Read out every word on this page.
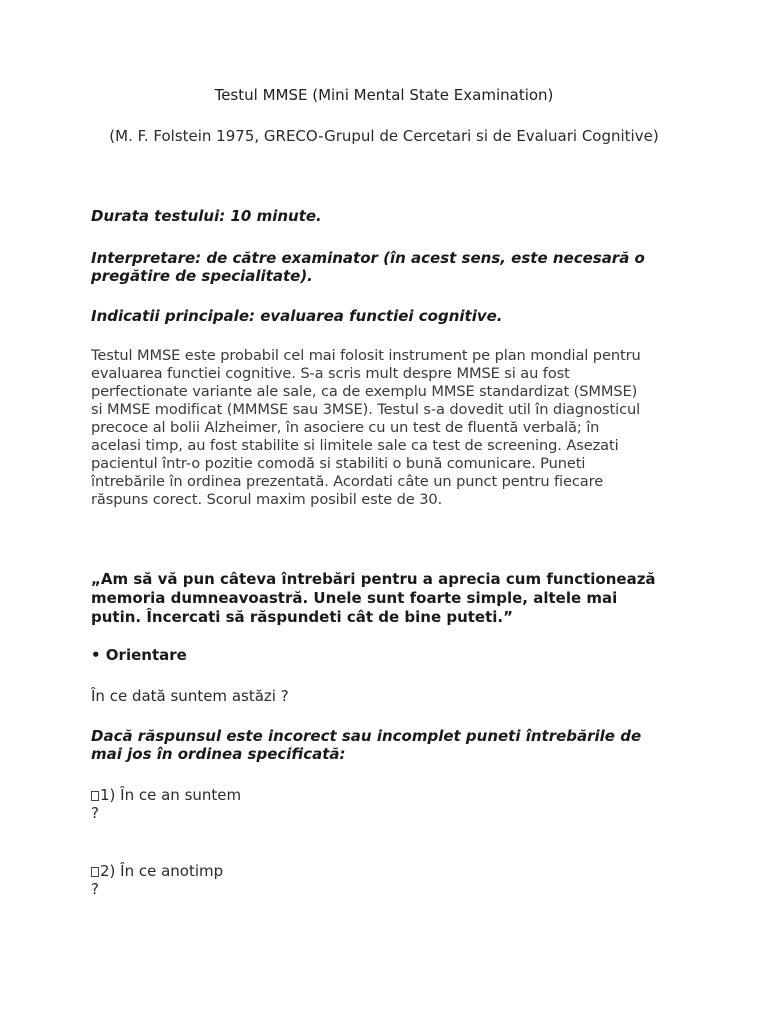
Testul MMSE (Mini Mental State Examination)
(M. F. Folstein 1975, GRECO-Grupul de Cercetari si de Evaluari Cognitive)

Durata testului: 10 minute.

Interpretare: de către examinator (în acest sens, este necesară o pregătire de specialitate).

Indicatii principale: evaluarea functiei cognitive.

Testul MMSE este probabil cel mai folosit instrument pe plan mondial pentru evaluarea functiei cognitive. S-a scris mult despre MMSE si au fost perfectionate variante ale sale, ca de exemplu MMSE standardizat (SMMSE) si MMSE modificat (MMMSE sau 3MSE). Testul s-a dovedit util în diagnosticul precoce al bolii Alzheimer, în asociere cu un test de fluentă verbală; în acelasi timp, au fost stabilite si limitele sale ca test de screening. Asezati pacientul într-o pozitie comodă si stabiliti o bună comunicare. Puneti întrebările în ordinea prezentată. Acordati câte un punct pentru fiecare răspuns corect. Scorul maxim posibil este de 30.

„Am să vă pun câteva întrebări pentru a aprecia cum functionează memoria dumneavoastră. Unele sunt foarte simple, altele mai putin. Încercati să răspundeti cât de bine puteti.”

• Orientare

În ce dată suntem astăzi ?

Dacă răspunsul este incorect sau incomplet puneti întrebările de mai jos în ordinea specificată:

1) În ce an suntem
?
2) În ce anotimp
?
